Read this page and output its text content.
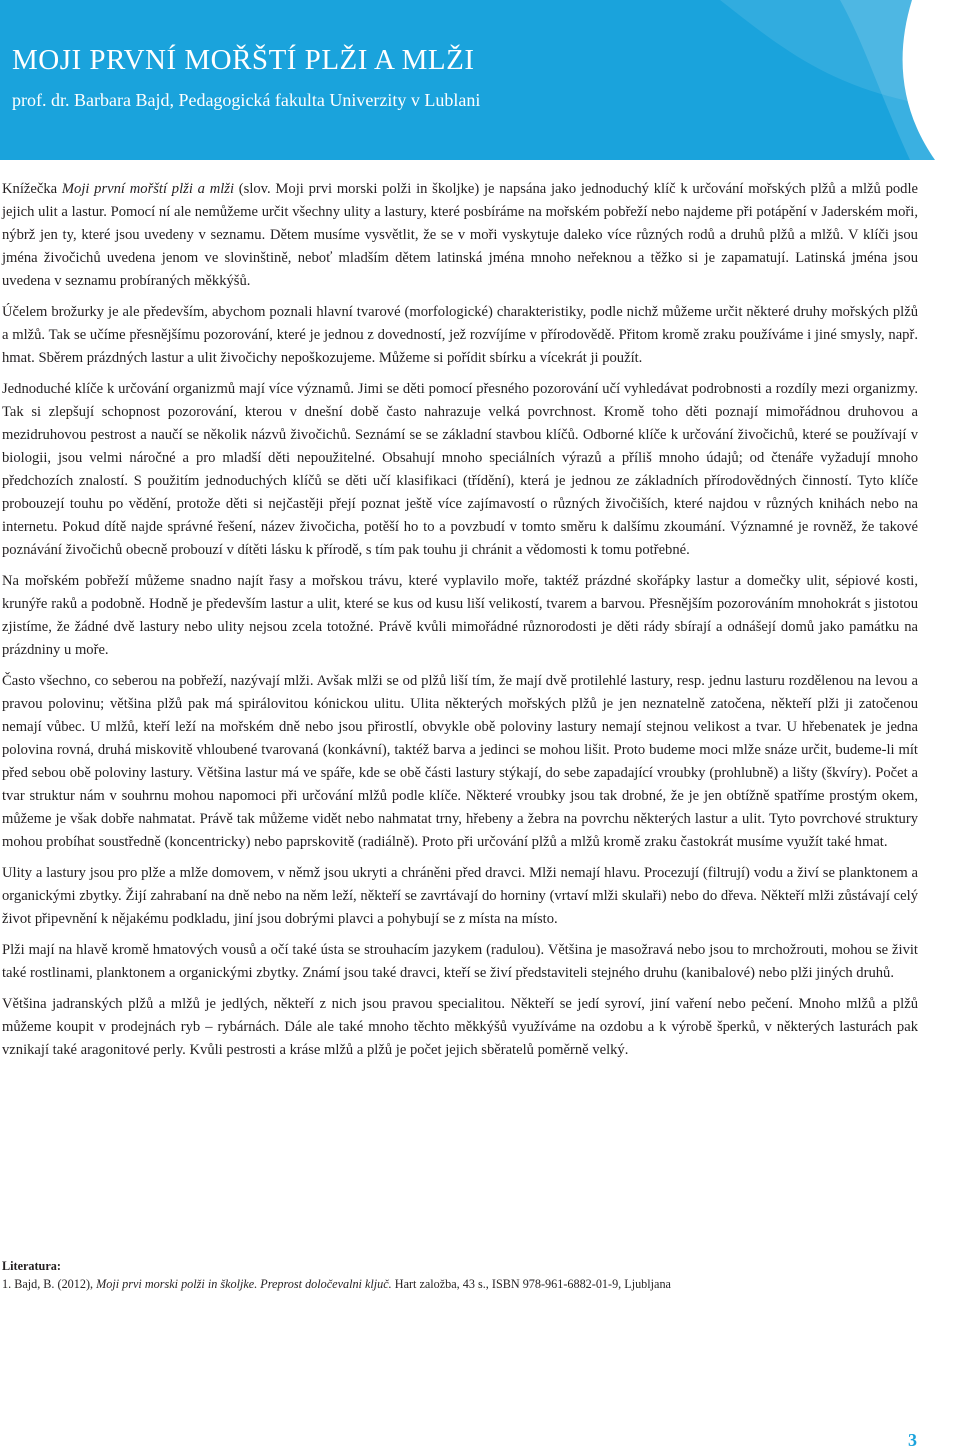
MOJI PRVNÍ MOŘŠTÍ PLŽI A MLŽI
prof. dr. Barbara Bajd, Pedagogická fakulta Univerzity v Lublani

Knížečka Moji první mořští plži a mlži (slov. Moji prvi morski polži in školjke) je napsána jako jednoduchý klíč k určování mořských plžů a mlžů podle jejich ulit a lastur. Pomocí ní ale nemůžeme určit všechny ulity a lastury, které posbíráme na mořském pobřeží nebo najdeme při potápění v Jaderském moři, nýbrž jen ty, které jsou uvedeny v seznamu. Dětem musíme vysvětlit, že se v moři vyskytuje daleko více různých rodů a druhů plžů a mlžů. V klíči jsou jména živočichů uvedena jenom ve slovinštině, neboť mladším dětem latinská jména mnoho neřeknou a těžko si je zapamatují. Latinská jména jsou uvedena v seznamu probíraných měkkýšů.

Účelem brožurky je ale především, abychom poznali hlavní tvarové (morfologické) charakteristiky, podle nichž můžeme určit některé druhy mořských plžů a mlžů. Tak se učíme přesnějšímu pozorování, které je jednou z dovedností, jež rozvíjíme v přírodovědě. Přitom kromě zraku používáme i jiné smysly, např. hmat. Sběrem prázdných lastur a ulit živočichy nepoškozujeme. Můžeme si pořídit sbírku a vícekrát ji použít.

Jednoduché klíče k určování organizmů mají více významů. Jimi se děti pomocí přesného pozorování učí vyhledávat podrobnosti a rozdíly mezi organizmy. Tak si zlepšují schopnost pozorování, kterou v dnešní době často nahrazuje velká povrchnost. Kromě toho děti poznají mimořádnou druhovou a mezidruhovou pestrost a naučí se několik názvů živočichů. Seznámí se se základní stavbou klíčů. Odborné klíče k určování živočichů, které se používají v biologii, jsou velmi náročné a pro mladší děti nepoužitelné. Obsahují mnoho speciálních výrazů a příliš mnoho údajů; od čtenáře vyžadují mnoho předchozích znalostí. S použitím jednoduchých klíčů se děti učí klasifikaci (třídění), která je jednou ze základních přírodovědných činností. Tyto klíče probouzejí touhu po vědění, protože děti si nejčastěji přejí poznat ještě více zajímavostí o různých živočiších, které najdou v různých knihách nebo na internetu. Pokud dítě najde správné řešení, název živočicha, potěší ho to a povzbudí v tomto směru k dalšímu zkoumání. Významné je rovněž, že takové poznávání živočichů obecně probouzí v dítěti lásku k přírodě, s tím pak touhu ji chránit a vědomosti k tomu potřebné.

Na mořském pobřeží můžeme snadno najít řasy a mořskou trávu, které vyplavilo moře, taktéž prázdné skořápky lastur a domečky ulit, sépiové kosti, krunýře raků a podobně. Hodně je především lastur a ulit, které se kus od kusu liší velikostí, tvarem a barvou. Přesnějším pozorováním mnohokrát s jistotou zjistíme, že žádné dvě lastury nebo ulity nejsou zcela totožné. Právě kvůli mimořádné různorodosti je děti rády sbírají a odnášejí domů jako památku na prázdniny u moře.

Často všechno, co seberou na pobřeží, nazývají mlži. Avšak mlži se od plžů liší tím, že mají dvě protilehlé lastury, resp. jednu lasturu rozdělenou na levou a pravou polovinu; většina plžů pak má spirálovitou kónickou ulitu. Ulita některých mořských plžů je jen neznatelně zatočena, někteří plži ji zatočenou nemají vůbec. U mlžů, kteří leží na mořském dně nebo jsou přirostlí, obvykle obě poloviny lastury nemají stejnou velikost a tvar. U hřebenatek je jedna polovina rovná, druhá miskovitě vhloubené tvarovaná (konkávní), taktéž barva a jedinci se mohou lišit. Proto budeme moci mlže snáze určit, budeme-li mít před sebou obě poloviny lastury. Většina lastur má ve spáře, kde se obě části lastury stýkají, do sebe zapadající vroubky (prohlubně) a lišty (škvíry). Počet a tvar struktur nám v souhrnu mohou napomoci při určování mlžů podle klíče. Některé vroubky jsou tak drobné, že je jen obtížně spatříme prostým okem, můžeme je však dobře nahmatat. Právě tak můžeme vidět nebo nahmatat trny, hřebeny a žebra na povrchu některých lastur a ulit. Tyto povrchové struktury mohou probíhat soustředně (koncentricky) nebo paprskovitě (radiálně). Proto při určování plžů a mlžů kromě zraku častokrát musíme využít také hmat.

Ulity a lastury jsou pro plže a mlže domovem, v němž jsou ukryti a chráněni před dravci. Mlži nemají hlavu. Procezují (filtrují) vodu a živí se planktonem a organickými zbytky. Žijí zahrabaní na dně nebo na něm leží, někteří se zavrtávají do horniny (vrtaví mlži skulaři) nebo do dřeva. Někteří mlži zůstávají celý život připevnění k nějakému podkladu, jiní jsou dobrými plavci a pohybují se z místa na místo.

Plži mají na hlavě kromě hmatových vousů a očí také ústa se strouhacím jazykem (radulou). Většina je masožravá nebo jsou to mrchožrouti, mohou se živit také rostlinami, planktonem a organickými zbytky. Známí jsou také dravci, kteří se živí představiteli stejného druhu (kanibalové) nebo plži jiných druhů.

Většina jadranských plžů a mlžů je jedlých, někteří z nich jsou pravou specialitou. Někteří se jedí syroví, jiní vaření nebo pečení. Mnoho mlžů a plžů můžeme koupit v prodejnách ryb – rybárnách. Dále ale také mnoho těchto měkkýšů využíváme na ozdobu a k výrobě šperků, v některých lasturách pak vznikají také aragonitové perly. Kvůli pestrosti a kráse mlžů a plžů je počet jejich sběratelů poměrně velký.

Literatura:

1. Bajd, B. (2012), Moji prvi morski polži in školjke. Preprost določevalni ključ. Hart založba, 43 s., ISBN 978-961-6882-01-9, Ljubljana

3
